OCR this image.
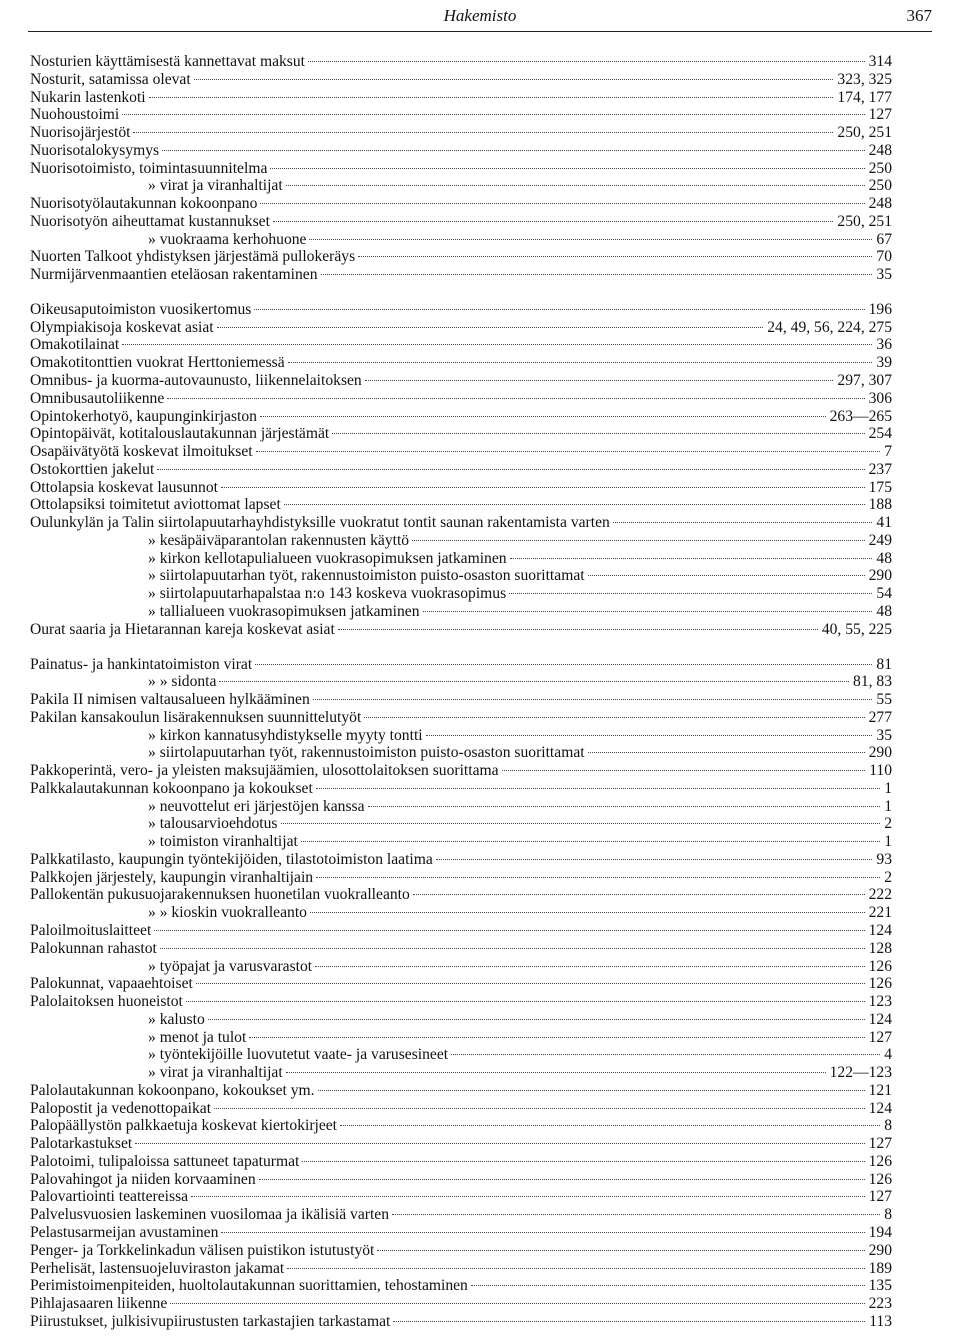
Hakemisto	367
Nosturien käyttämisestä kannettavat maksut	314
Nosturit, satamissa olevat	323, 325
Nukarin lastenkoti	174, 177
Nuohoustoimi	127
Nuorisojärjestöt	250, 251
Nuorisotalokysymys	248
Nuorisotoimisto, toimintasuunnitelma	250
» virat ja viranhaltijat	250
Nuorisotyölautakunnan kokoonpano	248
Nuorisotyön aiheuttamat kustannukset	250, 251
» vuokraama kerhohuone	67
Nuorten Talkoot yhdistyksen järjestämä pullokeräys	70
Nurmijärvenmaantien eteläosan rakentaminen	35
Oikeusaputoimiston vuosikertomus	196
Olympiakisoja koskevat asiat	24, 49, 56, 224, 275
Omakotilainat	36
Omakotitonttien vuokrat Herttoniemessä	39
Omnibus- ja kuorma-autovaunusto, liikennelaitoksen	297, 307
Omnibusautoliikenne	306
Opintokerhotyö, kaupunginkirjaston	263—265
Opintopäivät, kotitalouslautakunnan järjestämät	254
Osapäivätyötä koskevat ilmoitukset	7
Ostokorttien jakelut	237
Ottolapsia koskevat lausunnot	175
Ottolapsiksi toimitetut aviottomat lapset	188
Oulunkylän ja Talin siirtolapuutarhayhdistyksille vuokratut tontit saunan rakentamista varten	41
» kesäpäiväparantolan rakennusten käyttö	249
» kirkon kellotapulialueen vuokrasopimuksen jatkaminen	48
» siirtolapuutarhan työt, rakennustoimiston puisto-osaston suorittamat	290
» siirtolapuutarhapalstaa n:o 143 koskeva vuokrasopimus	54
» tallialueen vuokrasopimuksen jatkaminen	48
Ourat saaria ja Hietarannan kareja koskevat asiat	40, 55, 225
Painatus- ja hankintatoimiston virat	81
» » sidonta	81, 83
Pakila II nimisen valtausalueen hylkääminen	55
Pakilan kansakoulun lisärakennuksen suunnittelutyöt	277
» kirkon kannatusyhdistykselle myyty tontti	35
» siirtolapuutarhan työt, rakennustoimiston puisto-osaston suorittamat	290
Pakkoperintä, vero- ja yleisten maksujäämien, ulosottolaitoksen suorittama	110
Palkkalautakunnan kokoonpano ja kokoukset	1
» neuvottelut eri järjestöjen kanssa	1
» talousarvioehdotus	2
» toimiston viranhaltijat	1
Palkkatilasto, kaupungin työntekijöiden, tilastotoimiston laatima	93
Palkkojen järjestely, kaupungin viranhaltijain	2
Pallokentän pukusuojarakennuksen huonetilan vuokralleanto	222
» » kioskin vuokralleanto	221
Paloilmoituslaitteet	124
Palokunnan rahastot	128
» työpajat ja varusvarastot	126
Palokunnat, vapaaehtoiset	126
Palolaitoksen huoneistot	123
» kalusto	124
» menot ja tulot	127
» työntekijöille luovutetut vaate- ja varusesineet	4
» virat ja viranhaltijat	122—123
Palolautakunnan kokoonpano, kokoukset ym.	121
Palopostit ja vedenottopaikat	124
Palopäällystön palkkaetuja koskevat kiertokirjeet	8
Palotarkastukset	127
Palotoimi, tulipaloissa sattuneet tapaturmat	126
Palovahingot ja niiden korvaaminen	126
Palovartiointi teattereissa	127
Palvelusvuosien laskeminen vuosilomaa ja ikälisiä varten	8
Pelastusarmeijan avustaminen	194
Penger- ja Torkkelinkadun välisen puistikon istutustyöt	290
Perhelisät, lastensuojeluviraston jakamat	189
Perimistoimenpiteiden, huoltolautakunnan suorittamien, tehostaminen	135
Pihlajasaaren liikenne	223
Piirustukset, julkisivupiirustusten tarkastajien tarkastamat	113
